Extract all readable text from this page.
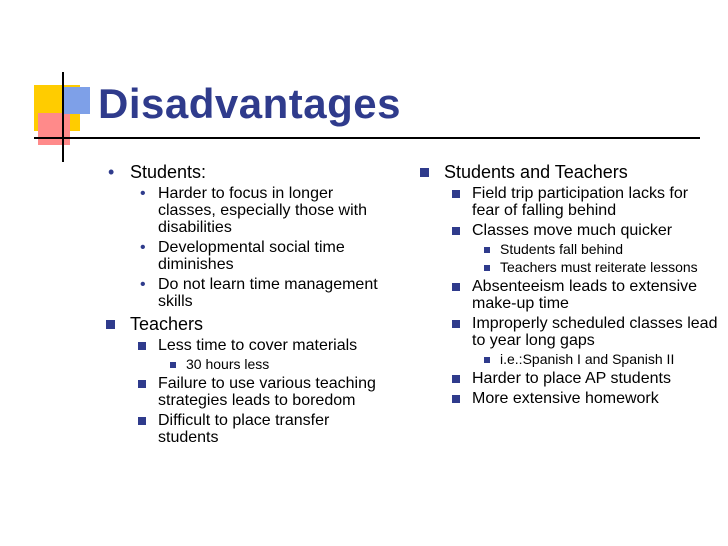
Disadvantages
• Students:
• Harder to focus in longer classes, especially those with disabilities
• Developmental social time diminishes
• Do not learn time management skills
Teachers
Less time to cover materials
30 hours less
Failure to use various teaching strategies leads to boredom
Difficult to place transfer students
Students and Teachers
Field trip participation lacks for fear of falling behind
Classes move much quicker
Students fall behind
Teachers must reiterate lessons
Absenteeism leads to extensive make-up time
Improperly scheduled classes lead to year long gaps
i.e.:Spanish I and Spanish II
Harder to place AP students
More extensive homework
